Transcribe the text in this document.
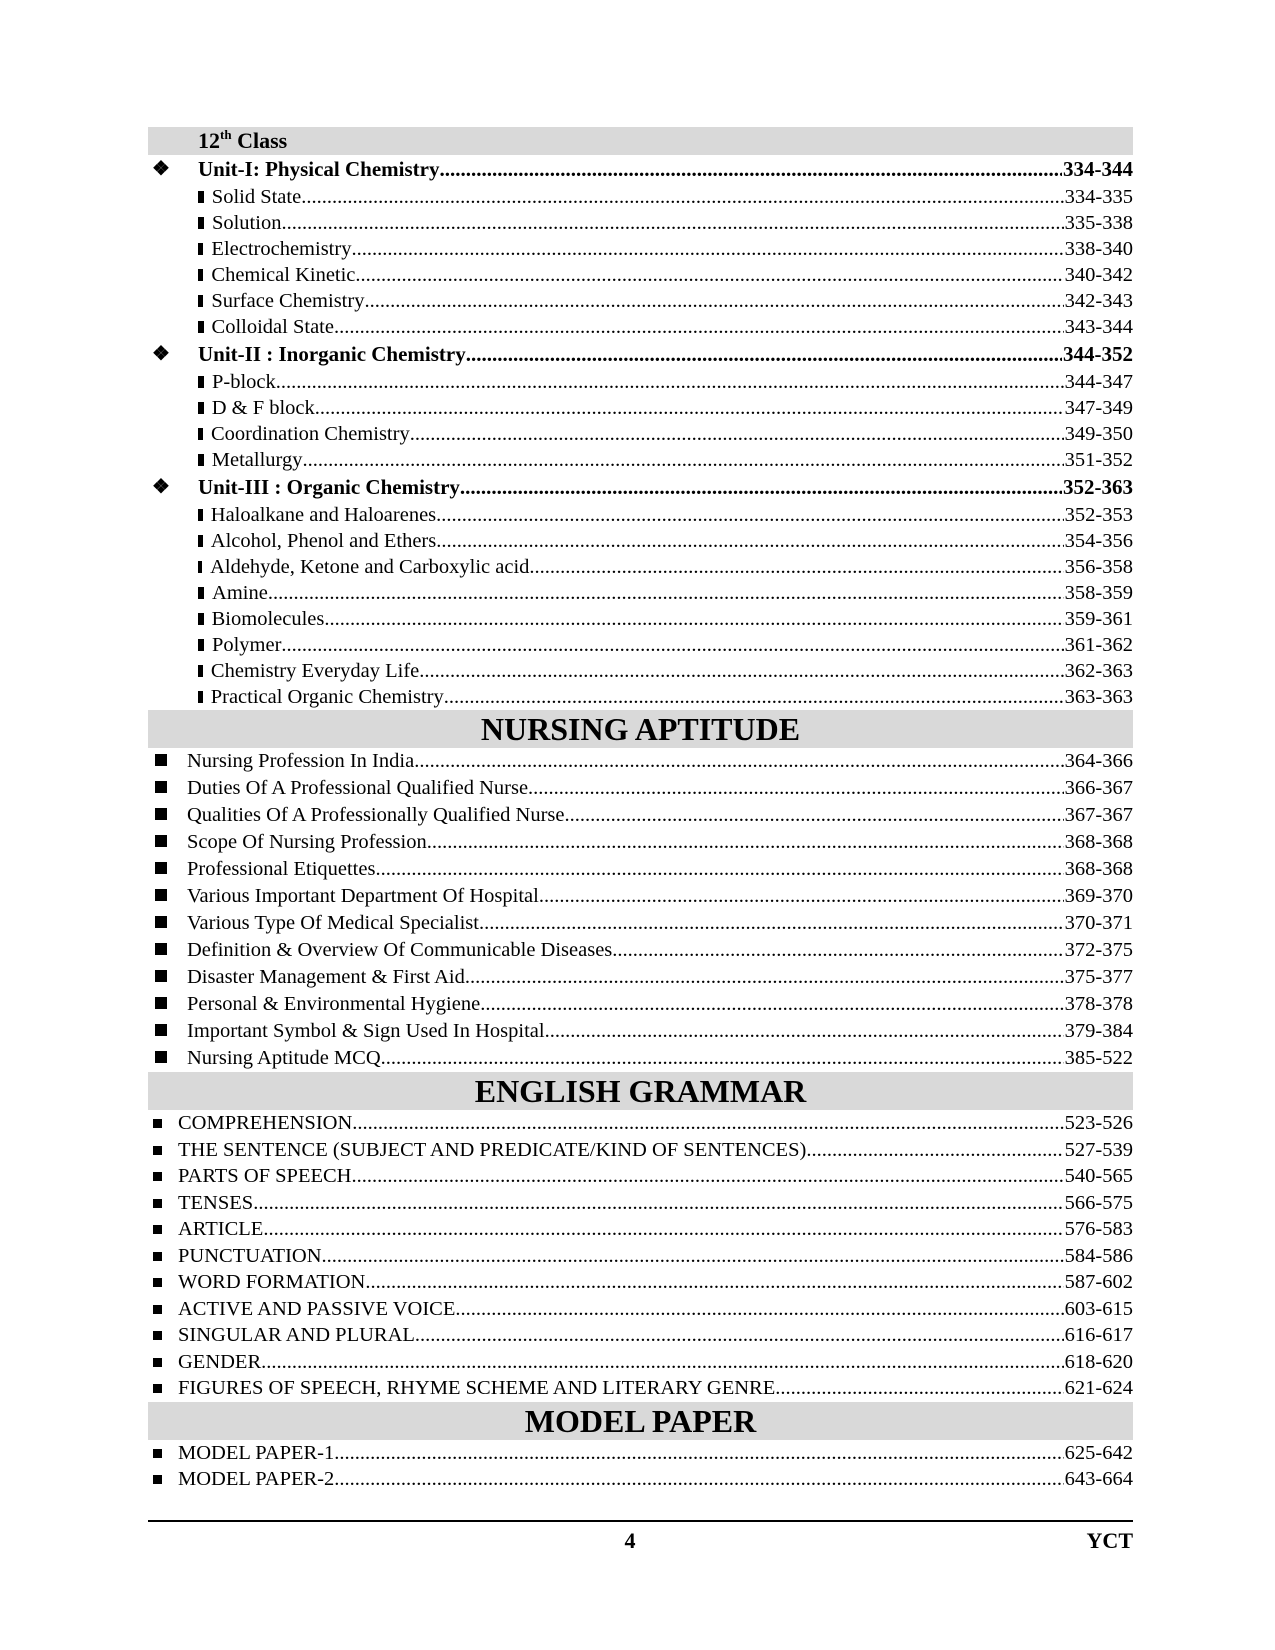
12th Class
❖ Unit-I: Physical Chemistry .....	334-344
Solid State .....	334-335
Solution .....	335-338
Electrochemistry .....	338-340
Chemical Kinetic .....	340-342
Surface Chemistry .....	342-343
Colloidal State .....	343-344
❖ Unit-II : Inorganic Chemistry .....	344-352
P-block .....	344-347
D & F block .....	347-349
Coordination Chemistry .....	349-350
Metallurgy .....	351-352
❖ Unit-III : Organic Chemistry .....	352-363
Haloalkane and Haloarenes .....	352-353
Alcohol, Phenol and Ethers .....	354-356
Aldehyde, Ketone and Carboxylic acid .....	356-358
Amine .....	358-359
Biomolecules .....	359-361
Polymer .....	361-362
Chemistry Everyday Life .....	362-363
Practical Organic Chemistry .....	363-363
NURSING APTITUDE
Nursing Profession In India .....	364-366
Duties Of A Professional Qualified Nurse .....	366-367
Qualities Of A Professionally Qualified Nurse .....	367-367
Scope Of Nursing Profession .....	368-368
Professional Etiquettes .....	368-368
Various Important Department Of Hospital .....	369-370
Various Type Of Medical Specialist .....	370-371
Definition & Overview Of Communicable Diseases .....	372-375
Disaster Management & First Aid .....	375-377
Personal & Environmental Hygiene .....	378-378
Important Symbol & Sign Used In Hospital .....	379-384
Nursing Aptitude MCQ .....	385-522
ENGLISH GRAMMAR
COMPREHENSION .....	523-526
THE SENTENCE (SUBJECT AND PREDICATE/KIND OF SENTENCES) .....	527-539
PARTS OF SPEECH .....	540-565
TENSES .....	566-575
ARTICLE .....	576-583
PUNCTUATION .....	584-586
WORD FORMATION .....	587-602
ACTIVE AND PASSIVE VOICE .....	603-615
SINGULAR AND PLURAL .....	616-617
GENDER .....	618-620
FIGURES OF SPEECH, RHYME SCHEME AND LITERARY GENRE .....	621-624
MODEL PAPER
MODEL PAPER-1 .....	625-642
MODEL PAPER-2 .....	643-664
4	YCT
